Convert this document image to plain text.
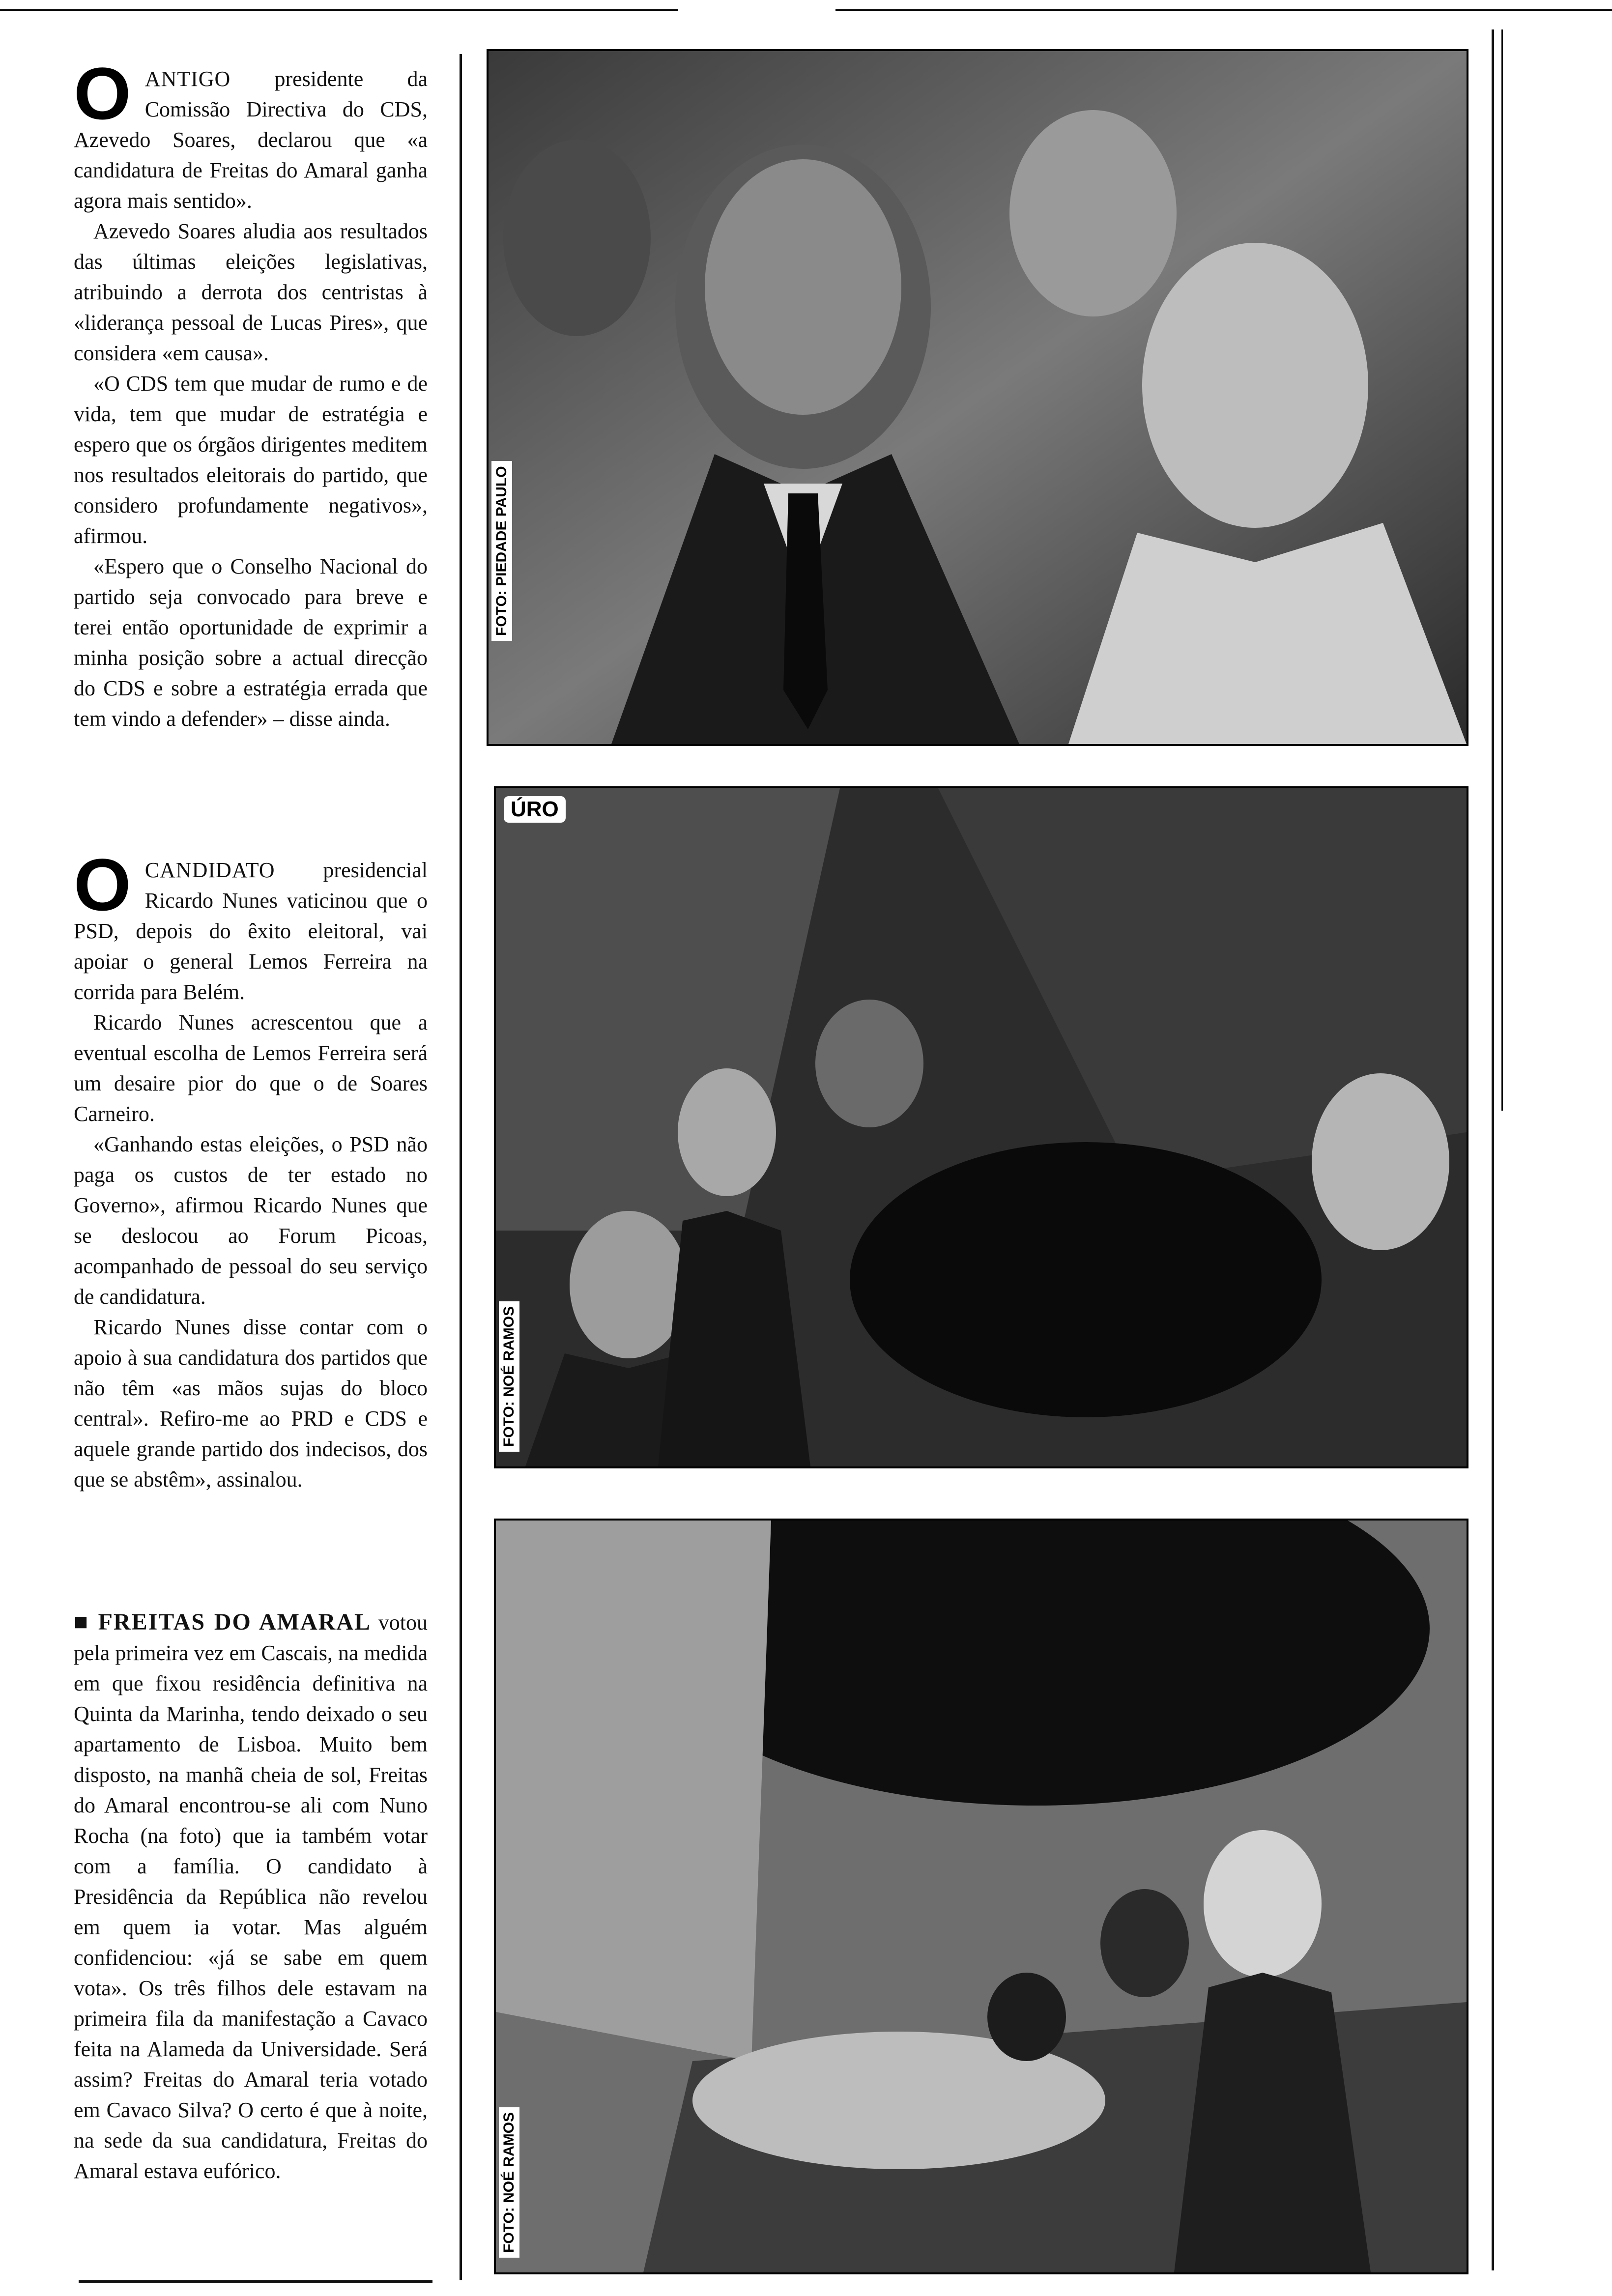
OANTIGO presidente da Comissão Directiva do CDS, Azevedo Soares, declarou que «a candidatura de Freitas do Amaral ganha agora mais sentido».

Azevedo Soares aludia aos resultados das últimas eleições legislativas, atribuindo a derrota dos centristas à «liderança pessoal de Lucas Pires», que considera «em causa».

«O CDS tem que mudar de rumo e de vida, tem que mudar de estratégia e espero que os órgãos dirigentes meditem nos resultados eleitorais do partido, que considero profundamente negativos», afirmou.

«Espero que o Conselho Nacional do partido seja convocado para breve e terei então oportunidade de exprimir a minha posição sobre a actual direcção do CDS e sobre a estratégia errada que tem vindo a defender» – disse ainda.

OCANDIDATO presidencial Ricardo Nunes vaticinou que o PSD, depois do êxito eleitoral, vai apoiar o general Lemos Ferreira na corrida para Belém.

Ricardo Nunes acrescentou que a eventual escolha de Lemos Ferreira será um desaire pior do que o de Soares Carneiro.

«Ganhando estas eleições, o PSD não paga os custos de ter estado no Governo», afirmou Ricardo Nunes que se deslocou ao Forum Picoas, acompanhado de pessoal do seu serviço de candidatura.

Ricardo Nunes disse contar com o apoio à sua candidatura dos partidos que não têm «as mãos sujas do bloco central». Refiro-me ao PRD e CDS e aquele grande partido dos indecisos, dos que se abstêm», assinalou.

■ FREITAS DO AMARAL votou pela primeira vez em Cascais, na medida em que fixou residência definitiva na Quinta da Marinha, tendo deixado o seu apartamento de Lisboa. Muito bem disposto, na manhã cheia de sol, Freitas do Amaral encontrou-se ali com Nuno Rocha (na foto) que ia também votar com a família. O candidato à Presidência da República não revelou em quem ia votar. Mas alguém confidenciou: «já se sabe em quem vota». Os três filhos dele estavam na primeira fila da manifestação a Cavaco feita na Alameda da Universidade. Será assim? Freitas do Amaral teria votado em Cavaco Silva? O certo é que à noite, na sede da sua candidatura, Freitas do Amaral estava eufórico.

FOTO: PIEDADE PAULO
ÚRO
FOTO: NOÉ RAMOS
FOTO: NOÉ RAMOS
